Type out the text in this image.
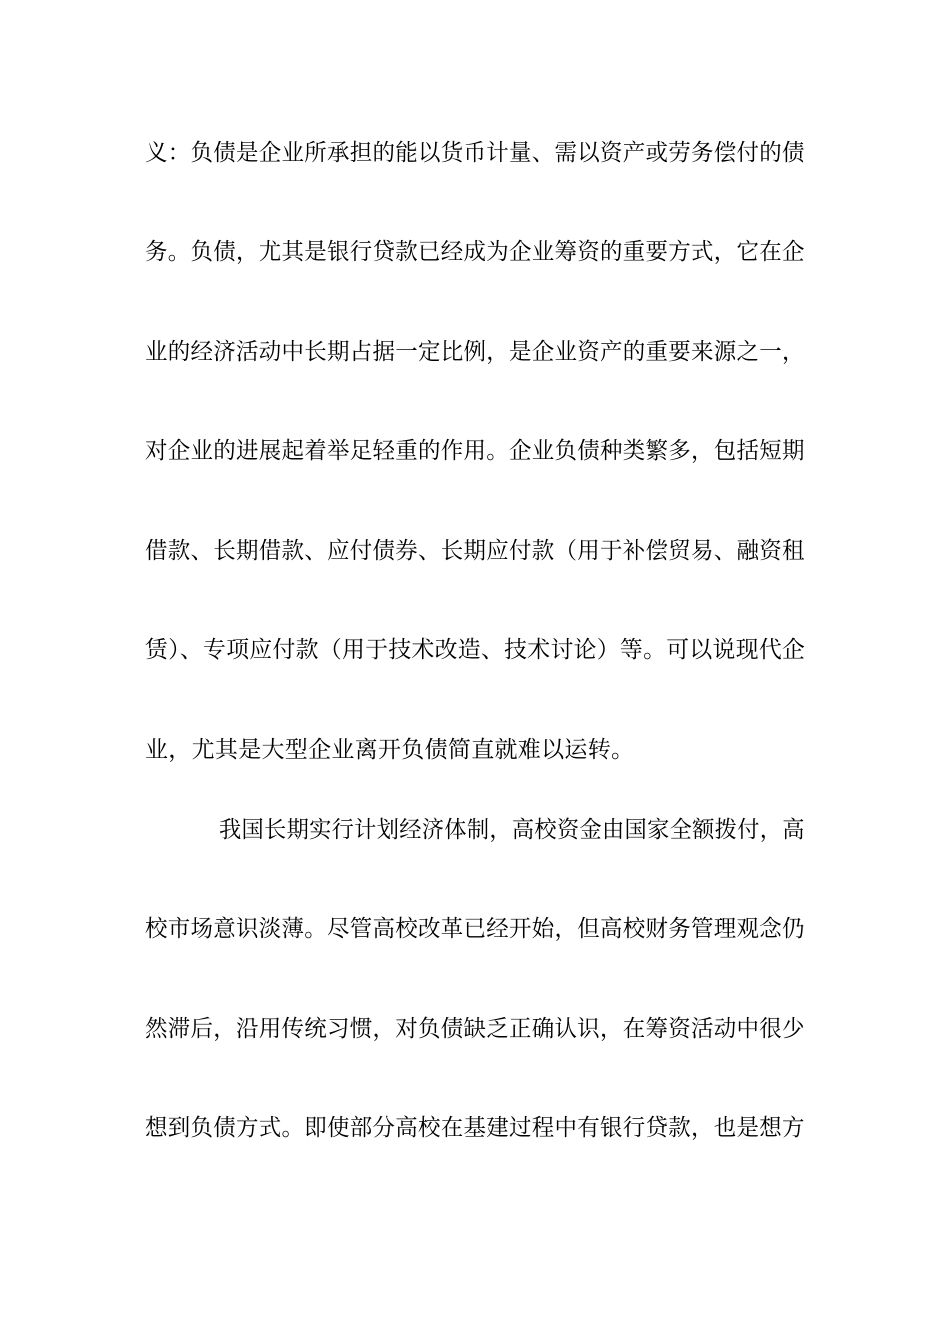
义：负债是企业所承担的能以货币计量、需以资产或劳务偿付的债
务。负债，尤其是银行贷款已经成为企业筹资的重要方式，它在企
业的经济活动中长期占据一定比例，是企业资产的重要来源之一，
对企业的进展起着举足轻重的作用。企业负债种类繁多，包括短期
借款、长期借款、应付债券、长期应付款（用于补偿贸易、融资租
赁）、专项应付款（用于技术改造、技术讨论）等。可以说现代企
业，尤其是大型企业离开负债简直就难以运转。
我国长期实行计划经济体制，高校资金由国家全额拨付，高
校市场意识淡薄。尽管高校改革已经开始，但高校财务管理观念仍
然滞后，沿用传统习惯，对负债缺乏正确认识，在筹资活动中很少
想到负债方式。即使部分高校在基建过程中有银行贷款，也是想方
